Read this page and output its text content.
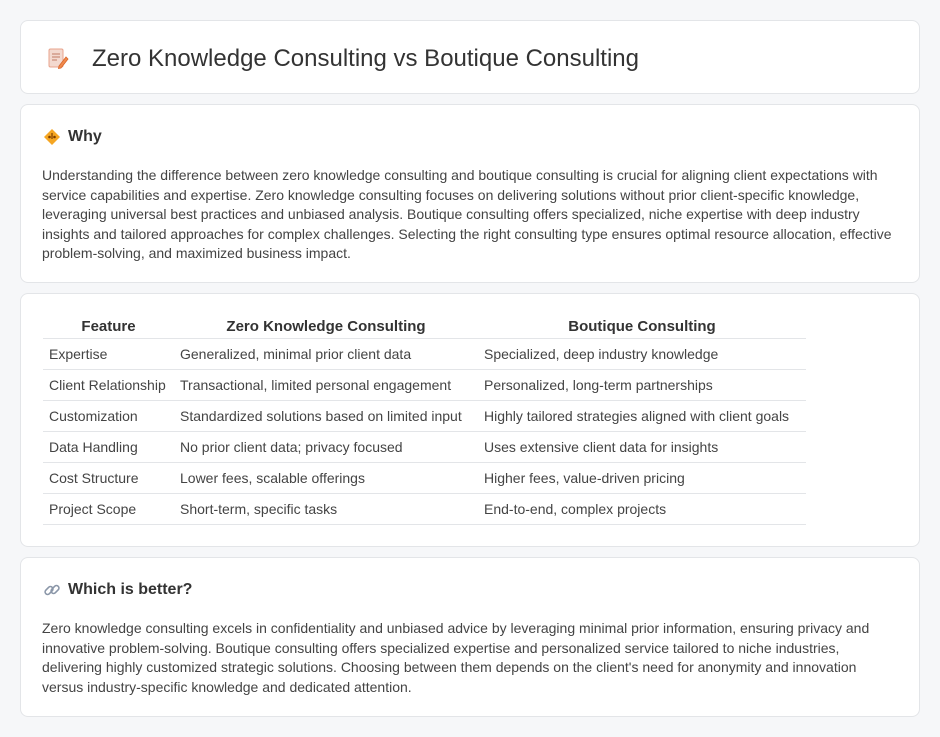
Zero Knowledge Consulting vs Boutique Consulting
Why

Understanding the difference between zero knowledge consulting and boutique consulting is crucial for aligning client expectations with service capabilities and expertise. Zero knowledge consulting focuses on delivering solutions without prior client-specific knowledge, leveraging universal best practices and unbiased analysis. Boutique consulting offers specialized, niche expertise with deep industry insights and tailored approaches for complex challenges. Selecting the right consulting type ensures optimal resource allocation, effective problem-solving, and maximized business impact.

Feature	Zero Knowledge Consulting	Boutique Consulting
Expertise	Generalized, minimal prior client data	Specialized, deep industry knowledge
Client Relationship	Transactional, limited personal engagement	Personalized, long-term partnerships
Customization	Standardized solutions based on limited input	Highly tailored strategies aligned with client goals
Data Handling	No prior client data; privacy focused	Uses extensive client data for insights
Cost Structure	Lower fees, scalable offerings	Higher fees, value-driven pricing
Project Scope	Short-term, specific tasks	End-to-end, complex projects
Which is better?

Zero knowledge consulting excels in confidentiality and unbiased advice by leveraging minimal prior information, ensuring privacy and innovative problem-solving. Boutique consulting offers specialized expertise and personalized service tailored to niche industries, delivering highly customized strategic solutions. Choosing between them depends on the client's need for anonymity and innovation versus industry-specific knowledge and dedicated attention.
